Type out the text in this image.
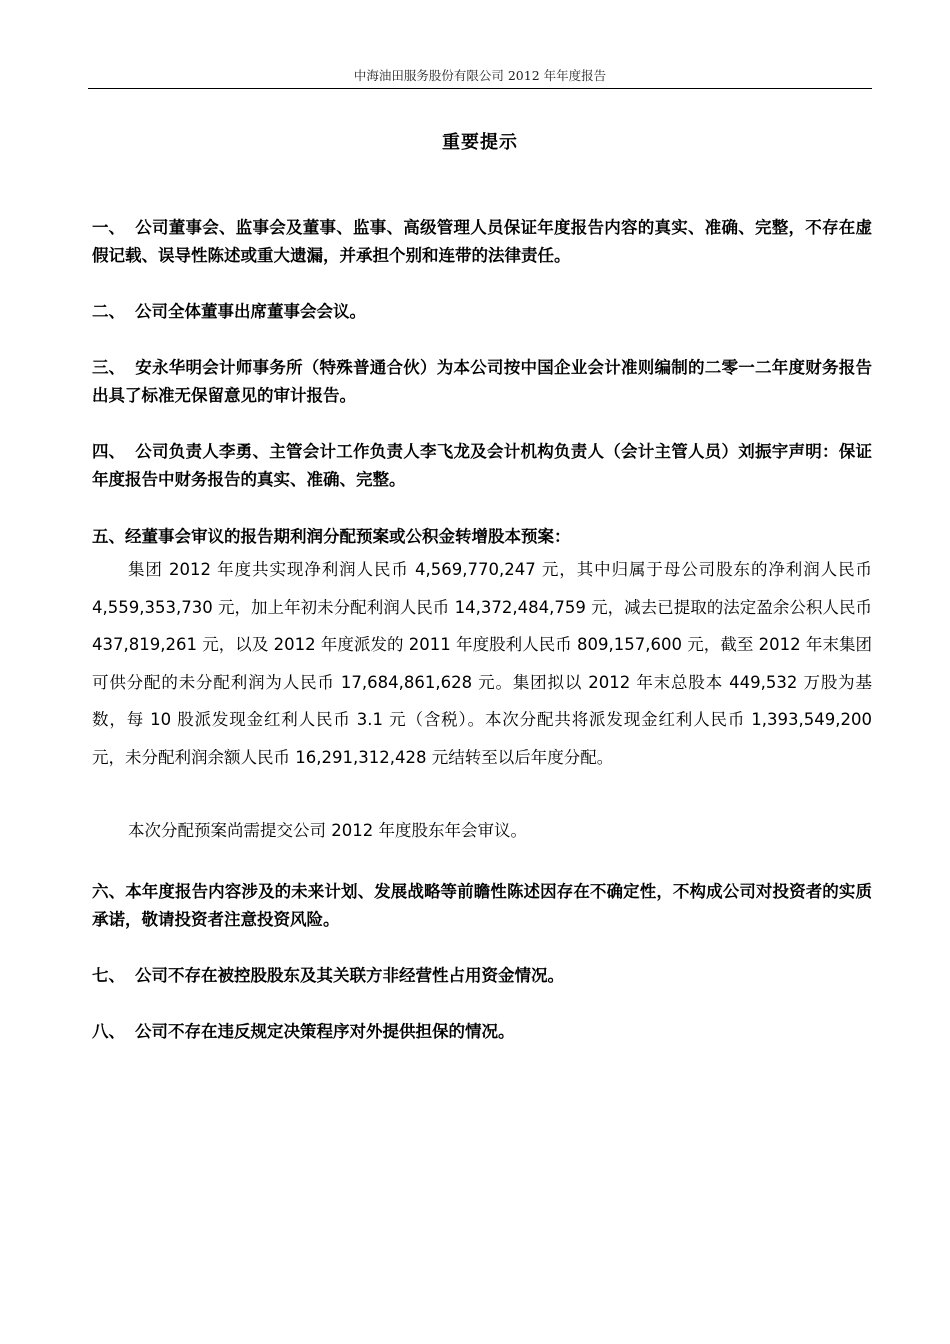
中海油田服务股份有限公司 2012 年年度报告
重要提示
一、 公司董事会、监事会及董事、监事、高级管理人员保证年度报告内容的真实、准确、完整，不存在虚假记载、误导性陈述或重大遗漏，并承担个别和连带的法律责任。
二、 公司全体董事出席董事会会议。
三、 安永华明会计师事务所（特殊普通合伙）为本公司按中国企业会计准则编制的二零一二年度财务报告出具了标准无保留意见的审计报告。
四、 公司负责人李勇、主管会计工作负责人李飞龙及会计机构负责人（会计主管人员）刘振宇声明：保证年度报告中财务报告的真实、准确、完整。
五、经董事会审议的报告期利润分配预案或公积金转增股本预案：
集团 2012 年度共实现净利润人民币 4,569,770,247 元，其中归属于母公司股东的净利润人民币 4,559,353,730 元，加上年初未分配利润人民币 14,372,484,759 元，减去已提取的法定盈余公积人民币 437,819,261 元，以及 2012 年度派发的 2011 年度股利人民币 809,157,600 元，截至 2012 年末集团可供分配的未分配利润为人民币 17,684,861,628 元。集团拟以 2012 年末总股本 449,532 万股为基数，每 10 股派发现金红利人民币 3.1 元（含税）。本次分配共将派发现金红利人民币 1,393,549,200 元，未分配利润余额人民币 16,291,312,428 元结转至以后年度分配。
本次分配预案尚需提交公司 2012 年度股东年会审议。
六、本年度报告内容涉及的未来计划、发展战略等前瞻性陈述因存在不确定性，不构成公司对投资者的实质承诺，敬请投资者注意投资风险。
七、 公司不存在被控股股东及其关联方非经营性占用资金情况。
八、 公司不存在违反规定决策程序对外提供担保的情况。
